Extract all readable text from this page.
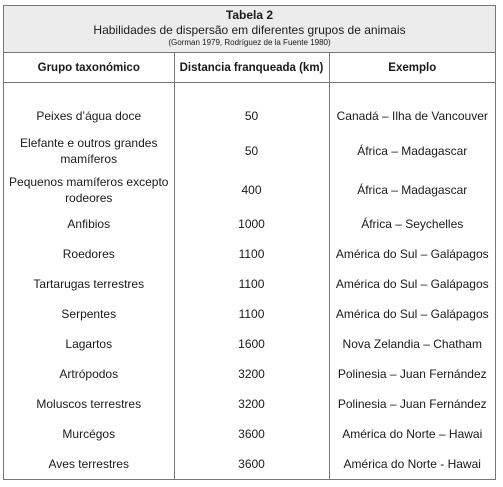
Tabela 2
Habilidades de dispersão em diferentes grupos de animais
(Gorman 1979, Rodríguez de la Fuente 1980)
Grupo taxonómico	Distancia franqueada (km)	Exemplo

Peixes d’água doce	50	Canadá – Ilha de Vancouver
Elefante e outros grandes mamíferos	50	África – Madagascar
Pequenos mamíferos excepto rodeores	400	África – Madagascar
Anfibios	1000	África – Seychelles
Roedores	1100	América do Sul – Galápagos
Tartarugas terrestres	1100	América do Sul – Galápagos
Serpentes	1100	América do Sul – Galápagos
Lagartos	1600	Nova Zelandia – Chatham
Artrópodos	3200	Polinesia – Juan Fernández
Moluscos terrestres	3200	Polinesia – Juan Fernández
Murcégos	3600	América do Norte – Hawai
Aves terrestres	3600	América do Norte - Hawai
